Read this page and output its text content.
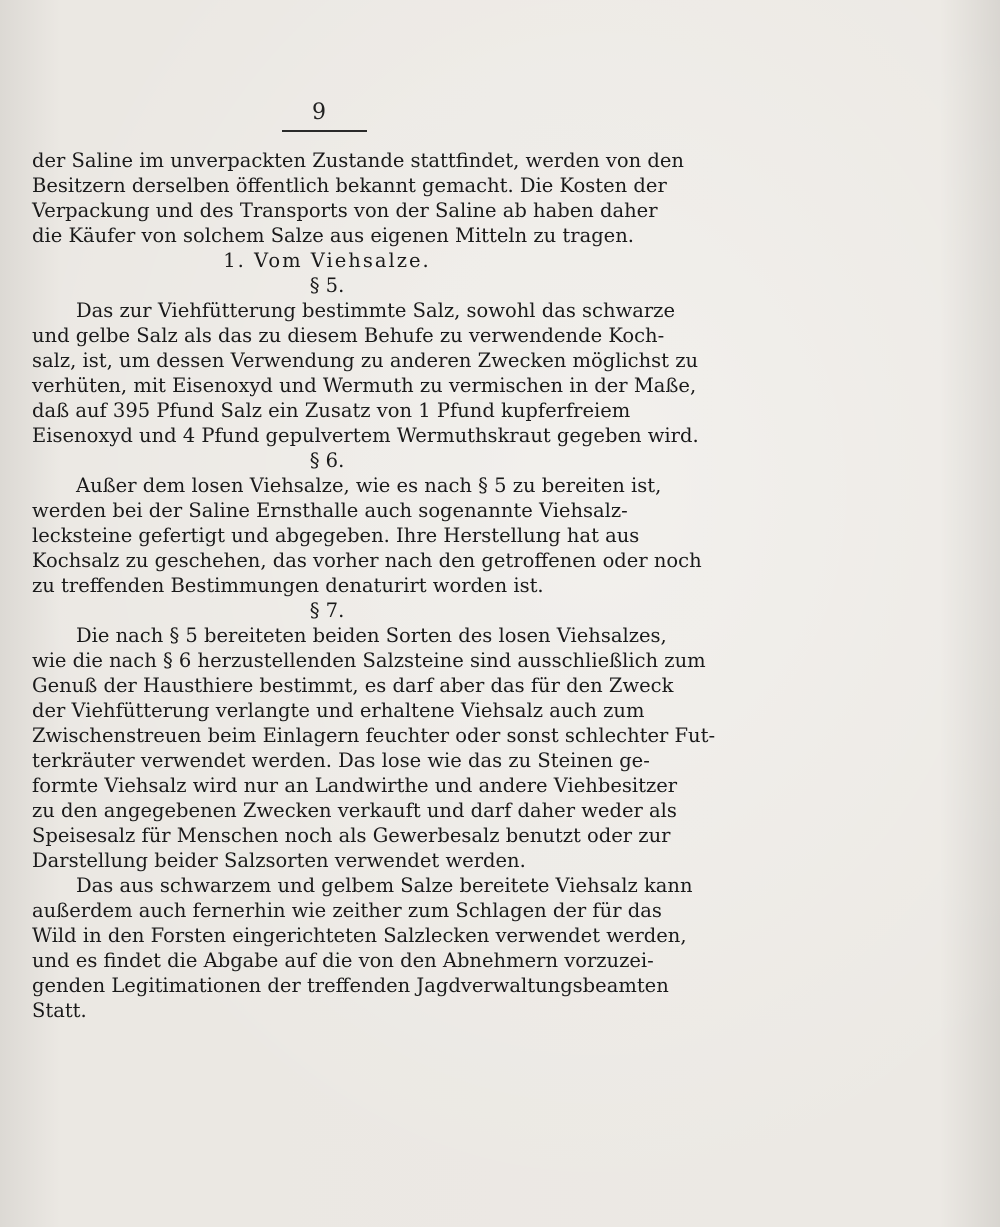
9
der Saline im unverpackten Zustande stattfindet, werden von den
Besitzern derselben öffentlich bekannt gemacht. Die Kosten der
Verpackung und des Transports von der Saline ab haben daher
die Käufer von solchem Salze aus eigenen Mitteln zu tragen.
1. Vom Viehsalze.
§ 5.
Das zur Viehfütterung bestimmte Salz, sowohl das schwarze
und gelbe Salz als das zu diesem Behufe zu verwendende Koch-
salz, ist, um dessen Verwendung zu anderen Zwecken möglichst zu
verhüten, mit Eisenoxyd und Wermuth zu vermischen in der Maße,
daß auf 395 Pfund Salz ein Zusatz von 1 Pfund kupferfreiem
Eisenoxyd und 4 Pfund gepulvertem Wermuthskraut gegeben wird.
§ 6.
Außer dem losen Viehsalze, wie es nach § 5 zu bereiten ist,
werden bei der Saline Ernsthalle auch sogenannte Viehsalz-
lecksteine gefertigt und abgegeben. Ihre Herstellung hat aus
Kochsalz zu geschehen, das vorher nach den getroffenen oder noch
zu treffenden Bestimmungen denaturirt worden ist.
§ 7.
Die nach § 5 bereiteten beiden Sorten des losen Viehsalzes,
wie die nach § 6 herzustellenden Salzsteine sind ausschließlich zum
Genuß der Hausthiere bestimmt, es darf aber das für den Zweck
der Viehfütterung verlangte und erhaltene Viehsalz auch zum
Zwischenstreuen beim Einlagern feuchter oder sonst schlechter Fut-
terkräuter verwendet werden. Das lose wie das zu Steinen ge-
formte Viehsalz wird nur an Landwirthe und andere Viehbesitzer
zu den angegebenen Zwecken verkauft und darf daher weder als
Speisesalz für Menschen noch als Gewerbesalz benutzt oder zur
Darstellung beider Salzsorten verwendet werden.
Das aus schwarzem und gelbem Salze bereitete Viehsalz kann
außerdem auch fernerhin wie zeither zum Schlagen der für das
Wild in den Forsten eingerichteten Salzlecken verwendet werden,
und es findet die Abgabe auf die von den Abnehmern vorzuzei-
genden Legitimationen der treffenden Jagdverwaltungsbeamten
Statt.
